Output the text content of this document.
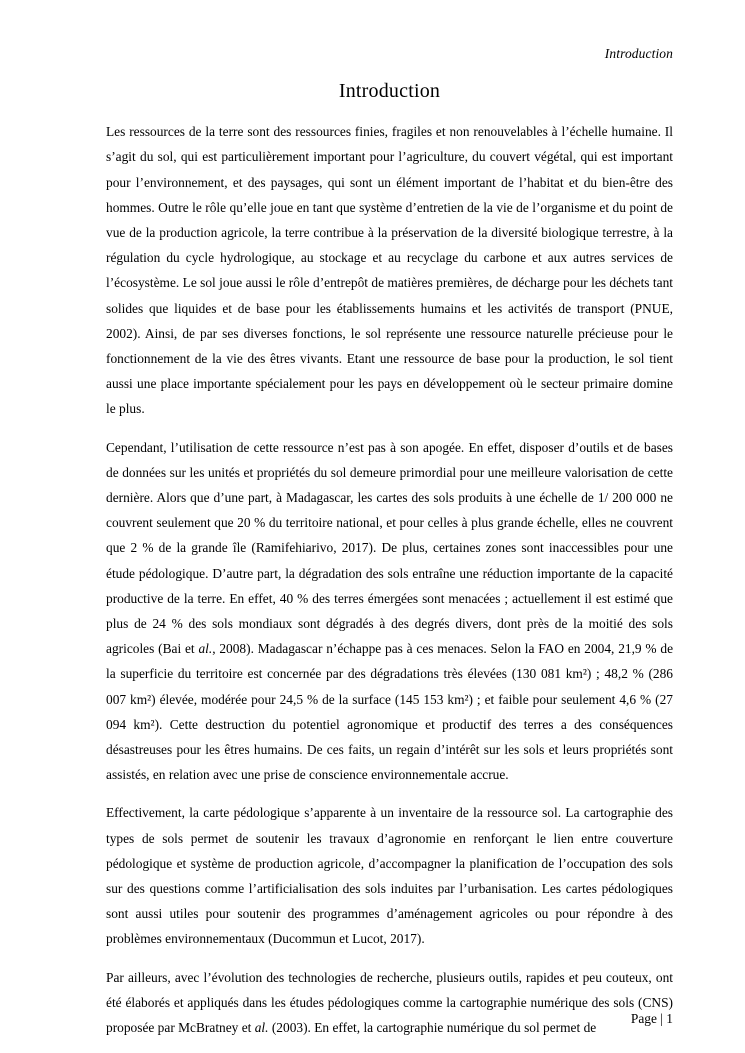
Introduction
Introduction

Les ressources de la terre sont des ressources finies, fragiles et non renouvelables à l’échelle humaine. Il s’agit du sol, qui est particulièrement important pour l’agriculture, du couvert végétal, qui est important pour l’environnement, et des paysages, qui sont un élément important de l’habitat et du bien-être des hommes. Outre le rôle qu’elle joue en tant que système d’entretien de la vie de l’organisme et du point de vue de la production agricole, la terre contribue à la préservation de la diversité biologique terrestre, à la régulation du cycle hydrologique, au stockage et au recyclage du carbone et aux autres services de l’écosystème. Le sol joue aussi le rôle d’entrepôt de matières premières, de décharge pour les déchets tant solides que liquides et de base pour les établissements humains et les activités de transport (PNUE, 2002). Ainsi, de par ses diverses fonctions, le sol représente une ressource naturelle précieuse pour le fonctionnement de la vie des êtres vivants. Etant une ressource de base pour la production, le sol tient aussi une place importante spécialement pour les pays en développement où le secteur primaire domine le plus.

Cependant, l’utilisation de cette ressource n’est pas à son apogée. En effet, disposer d’outils et de bases de données sur les unités et propriétés du sol demeure primordial pour une meilleure valorisation de cette dernière. Alors que d’une part, à Madagascar, les cartes des sols produits à une échelle de 1/ 200 000 ne couvrent seulement que 20 % du territoire national, et pour celles à plus grande échelle, elles ne couvrent que 2 % de la grande île (Ramifehiarivo, 2017). De plus, certaines zones sont inaccessibles pour une étude pédologique. D’autre part, la dégradation des sols entraîne une réduction importante de la capacité productive de la terre. En effet, 40 % des terres émergées sont menacées ; actuellement il est estimé que plus de 24 % des sols mondiaux sont dégradés à des degrés divers, dont près de la moitié des sols agricoles (Bai et al., 2008). Madagascar n’échappe pas à ces menaces. Selon la FAO en 2004, 21,9 % de la superficie du territoire est concernée par des dégradations très élevées (130 081 km²) ; 48,2 % (286 007 km²) élevée, modérée pour 24,5 % de la surface (145 153 km²) ; et faible pour seulement 4,6 % (27 094 km²). Cette destruction du potentiel agronomique et productif des terres a des conséquences désastreuses pour les êtres humains. De ces faits, un regain d’intérêt sur les sols et leurs propriétés sont assistés, en relation avec une prise de conscience environnementale accrue.

Effectivement, la carte pédologique s’apparente à un inventaire de la ressource sol. La cartographie des types de sols permet de soutenir les travaux d’agronomie en renforçant le lien entre couverture pédologique et système de production agricole, d’accompagner la planification de l’occupation des sols sur des questions comme l’artificialisation des sols induites par l’urbanisation. Les cartes pédologiques sont aussi utiles pour soutenir des programmes d’aménagement agricoles ou pour répondre à des problèmes environnementaux (Ducommun et Lucot, 2017).

Par ailleurs, avec l’évolution des technologies de recherche, plusieurs outils, rapides et peu couteux, ont été élaborés et appliqués dans les études pédologiques comme la cartographie numérique des sols (CNS) proposée par McBratney et al. (2003). En effet, la cartographie numérique du sol permet de

Page | 1
